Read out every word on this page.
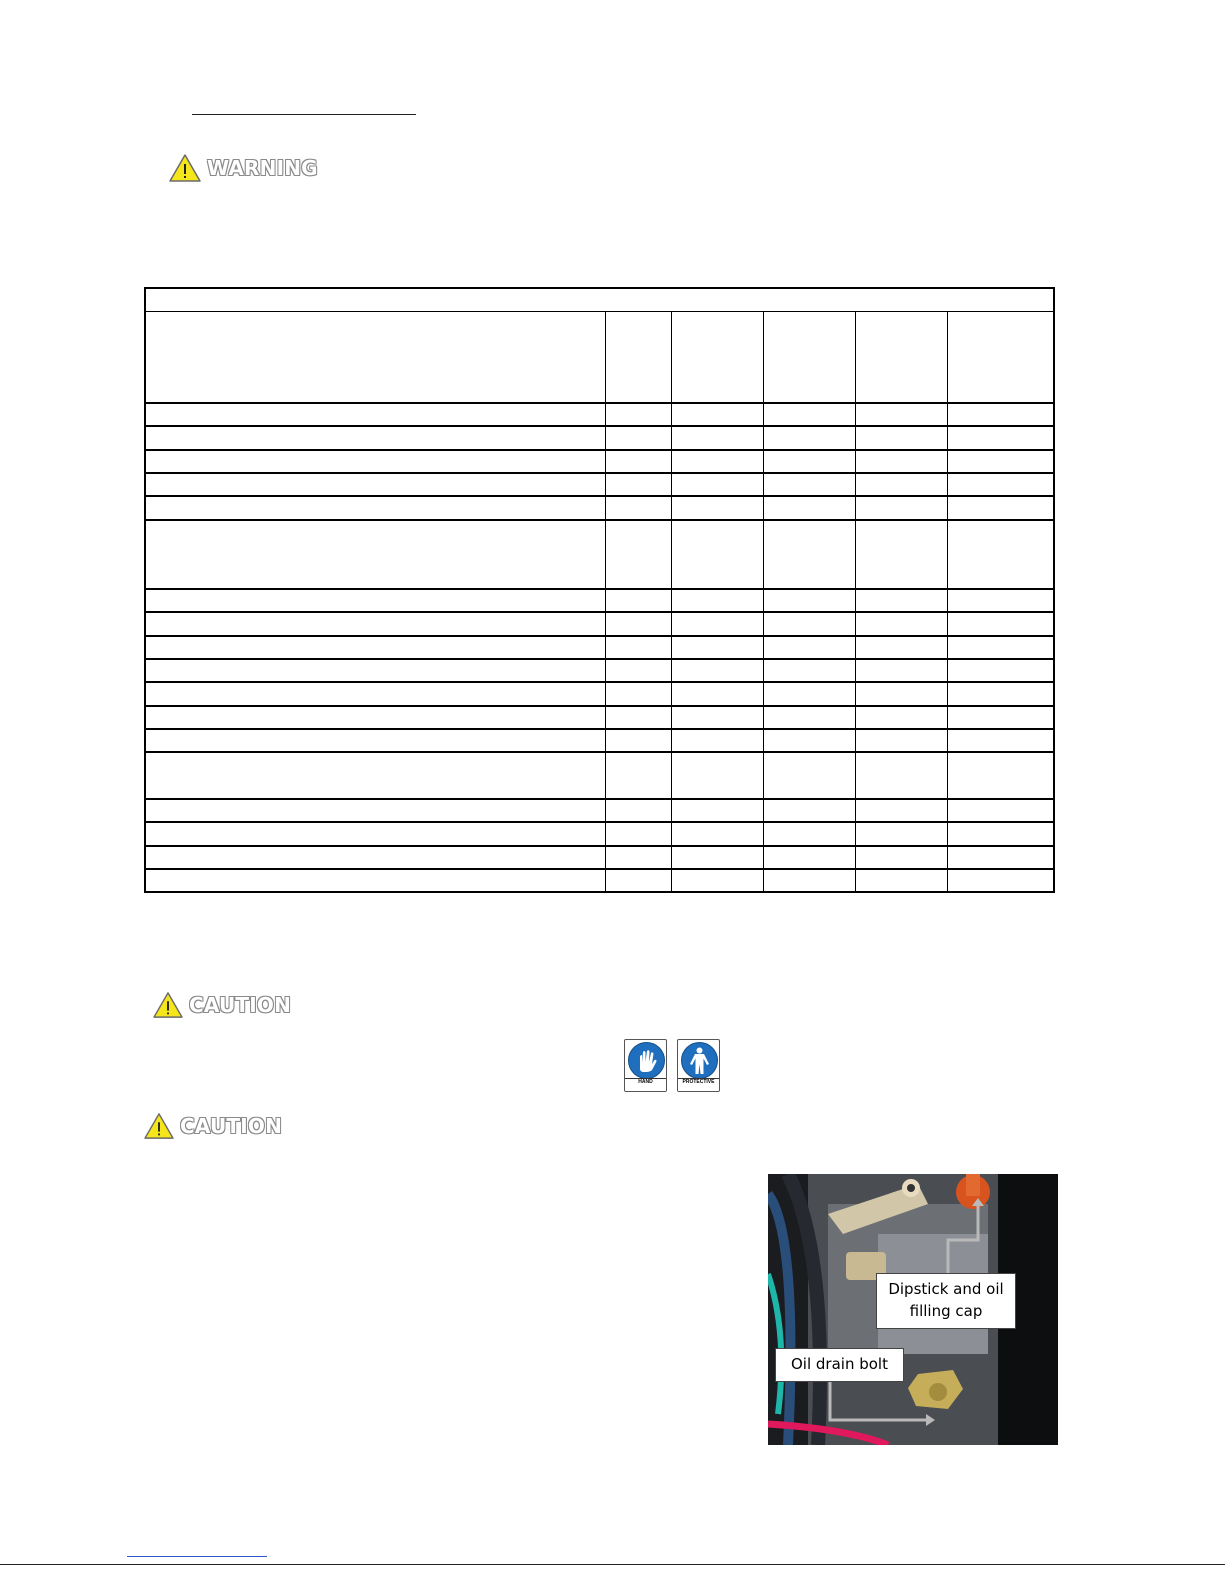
WARNING

CAUTION
HAND	PROTECTIVE
CAUTION
Dipstick and oil
filling cap
Oil drain bolt
